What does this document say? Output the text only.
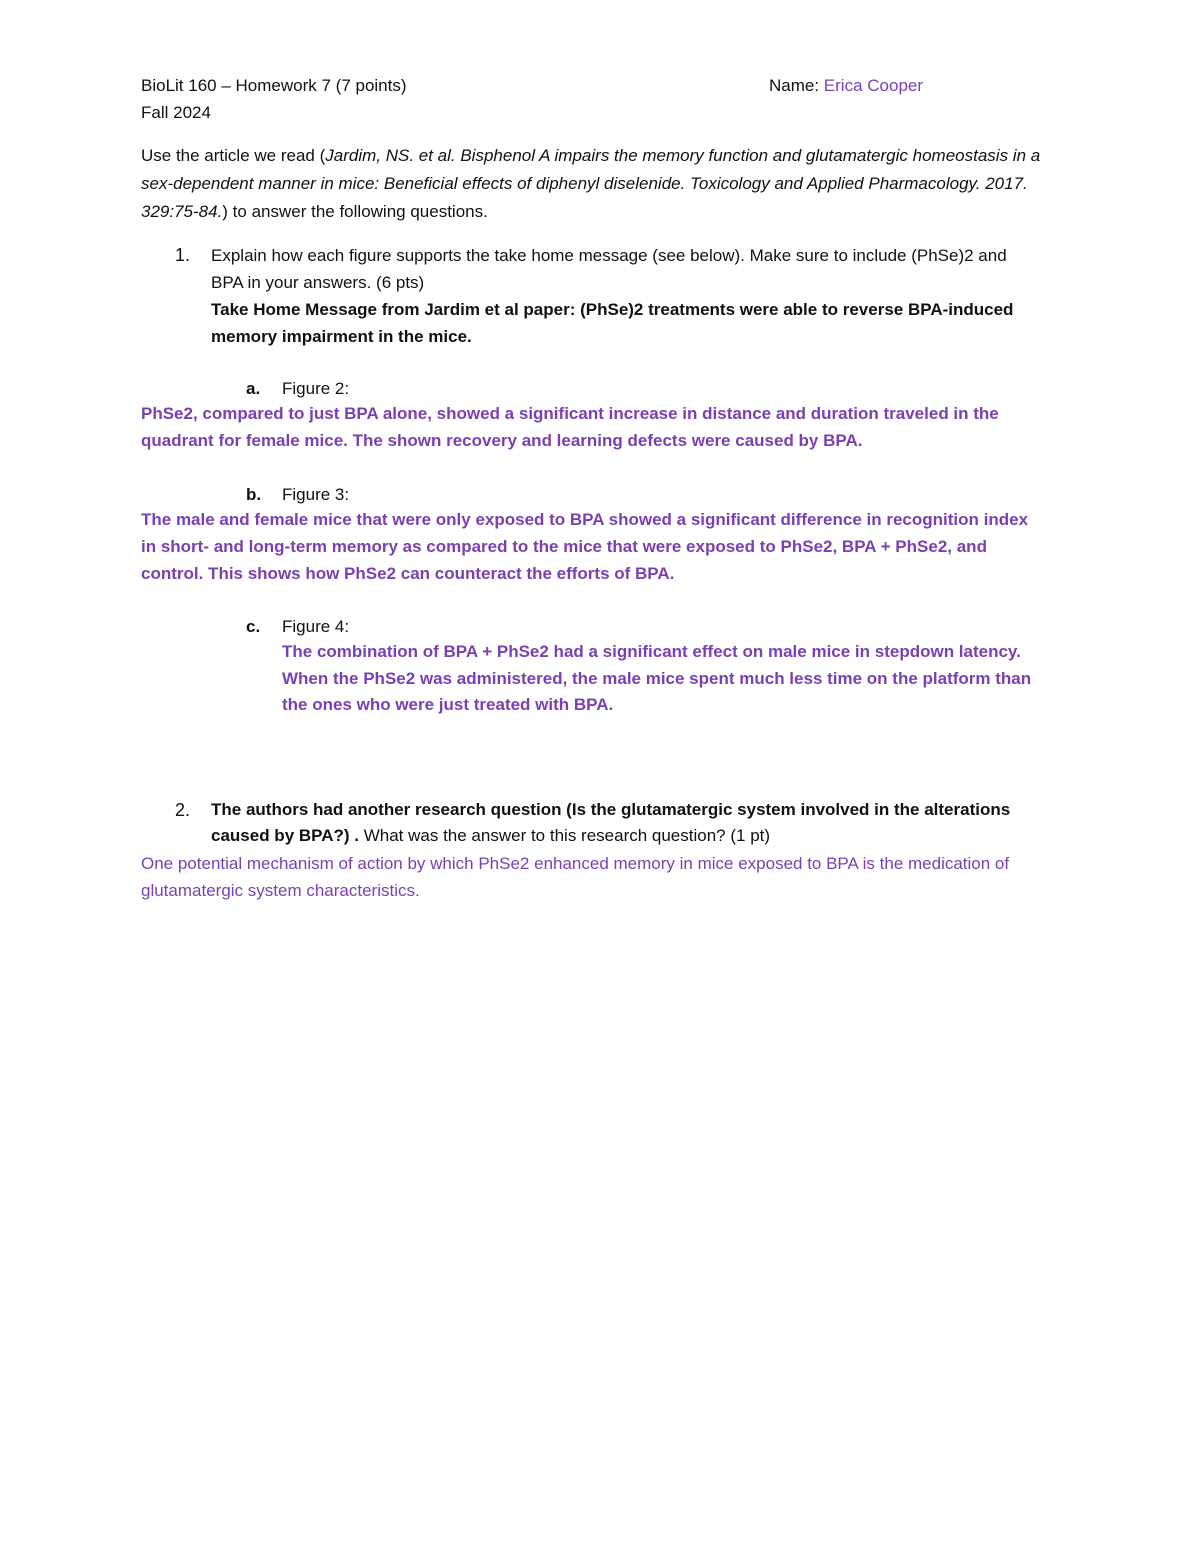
BioLit 160 – Homework 7 (7 points)
Fall 2024
Name: Erica Cooper
Use the article we read (Jardim, NS. et al. Bisphenol A impairs the memory function and glutamatergic homeostasis in a sex-dependent manner in mice: Beneficial effects of diphenyl diselenide. Toxicology and Applied Pharmacology. 2017. 329:75-84.) to answer the following questions.
1. Explain how each figure supports the take home message (see below). Make sure to include (PhSe)2 and BPA in your answers. (6 pts)
Take Home Message from Jardim et al paper: (PhSe)2 treatments were able to reverse BPA-induced memory impairment in the mice.
a. Figure 2:
PhSe2, compared to just BPA alone, showed a significant increase in distance and duration traveled in the quadrant for female mice. The shown recovery and learning defects were caused by BPA.
b. Figure 3:
The male and female mice that were only exposed to BPA showed a significant difference in recognition index in short- and long-term memory as compared to the mice that were exposed to PhSe2, BPA + PhSe2, and control. This shows how PhSe2 can counteract the efforts of BPA.
c. Figure 4:
The combination of BPA + PhSe2 had a significant effect on male mice in stepdown latency. When the PhSe2 was administered, the male mice spent much less time on the platform than the ones who were just treated with BPA.
2. The authors had another research question (Is the glutamatergic system involved in the alterations caused by BPA?) . What was the answer to this research question? (1 pt)
One potential mechanism of action by which PhSe2 enhanced memory in mice exposed to BPA is the medication of glutamatergic system characteristics.
